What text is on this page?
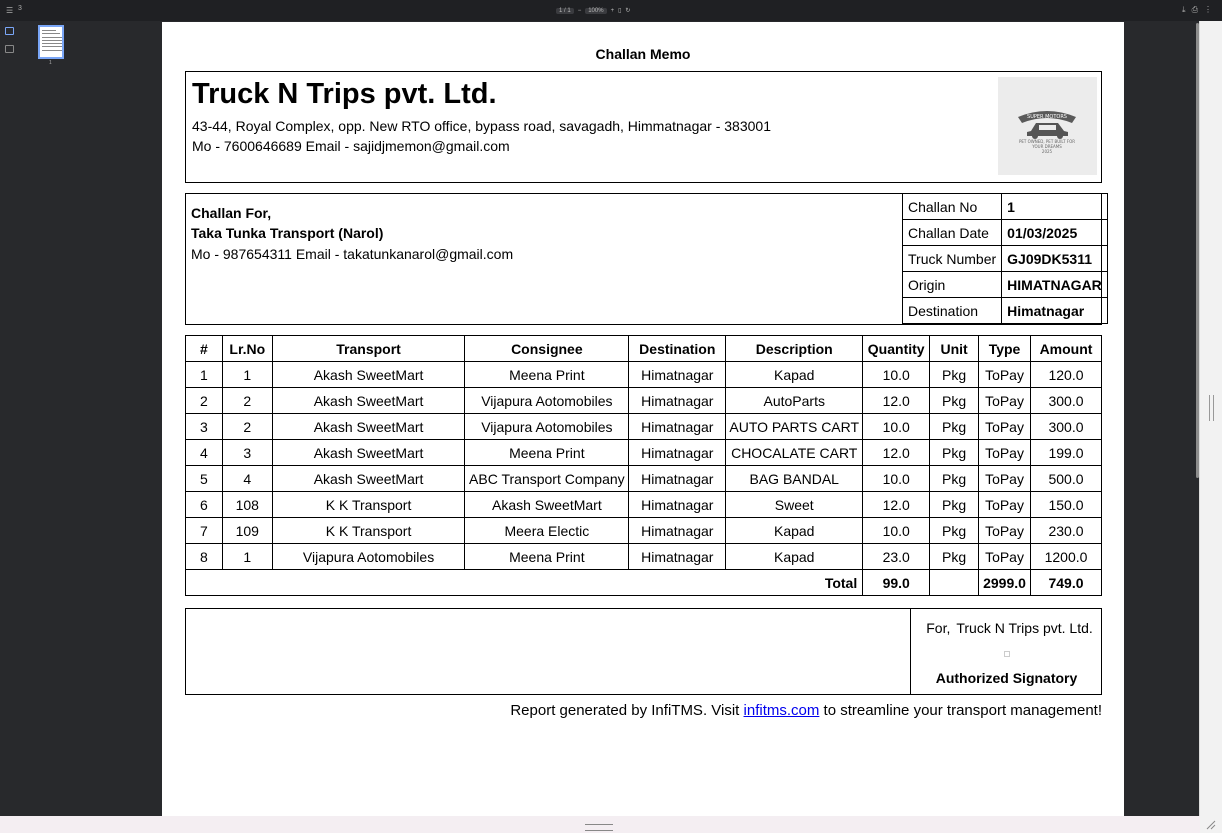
☰ 3	1 / 1	−	100%	+ ▯ ↻	⤓ ⎙ ⋮
1
Challan Memo
Truck N Trips pvt. Ltd.
43-44, Royal Complex, opp. New RTO office, bypass road, savagadh, Himmatnagar - 383001
Mo - 7600646689 Email - sajidjmemon@gmail.com
SUPER MOTORS
PET OWNED, PET BUILT FOR
YOUR DREAMS
2025
Challan For,
Taka Tunka Transport (Narol)
Mo - 987654311 Email - takatunkanarol@gmail.com
Challan No	1
Challan Date	01/03/2025
Truck Number	GJ09DK5311
Origin	HIMATNAGAR
Destination	Himatnagar
#	Lr.No	Transport	Consignee	Destination	Description	Quantity	Unit	Type	Amount
1	1	Akash SweetMart	Meena Print	Himatnagar	Kapad	10.0	Pkg	ToPay	120.0
2	2	Akash SweetMart	Vijapura Aotomobiles	Himatnagar	AutoParts	12.0	Pkg	ToPay	300.0
3	2	Akash SweetMart	Vijapura Aotomobiles	Himatnagar	AUTO PARTS CART	10.0	Pkg	ToPay	300.0
4	3	Akash SweetMart	Meena Print	Himatnagar	CHOCALATE CART	12.0	Pkg	ToPay	199.0
5	4	Akash SweetMart	ABC Transport Company	Himatnagar	BAG BANDAL	10.0	Pkg	ToPay	500.0
6	108	K K Transport	Akash SweetMart	Himatnagar	Sweet	12.0	Pkg	ToPay	150.0
7	109	K K Transport	Meera Electic	Himatnagar	Kapad	10.0	Pkg	ToPay	230.0
8	1	Vijapura Aotomobiles	Meena Print	Himatnagar	Kapad	23.0	Pkg	ToPay	1200.0
Total						99.0		2999.0	749.0
For, Truck N Trips pvt. Ltd.
Authorized Signatory
Report generated by InfiTMS. Visit infitms.com to streamline your transport management!
